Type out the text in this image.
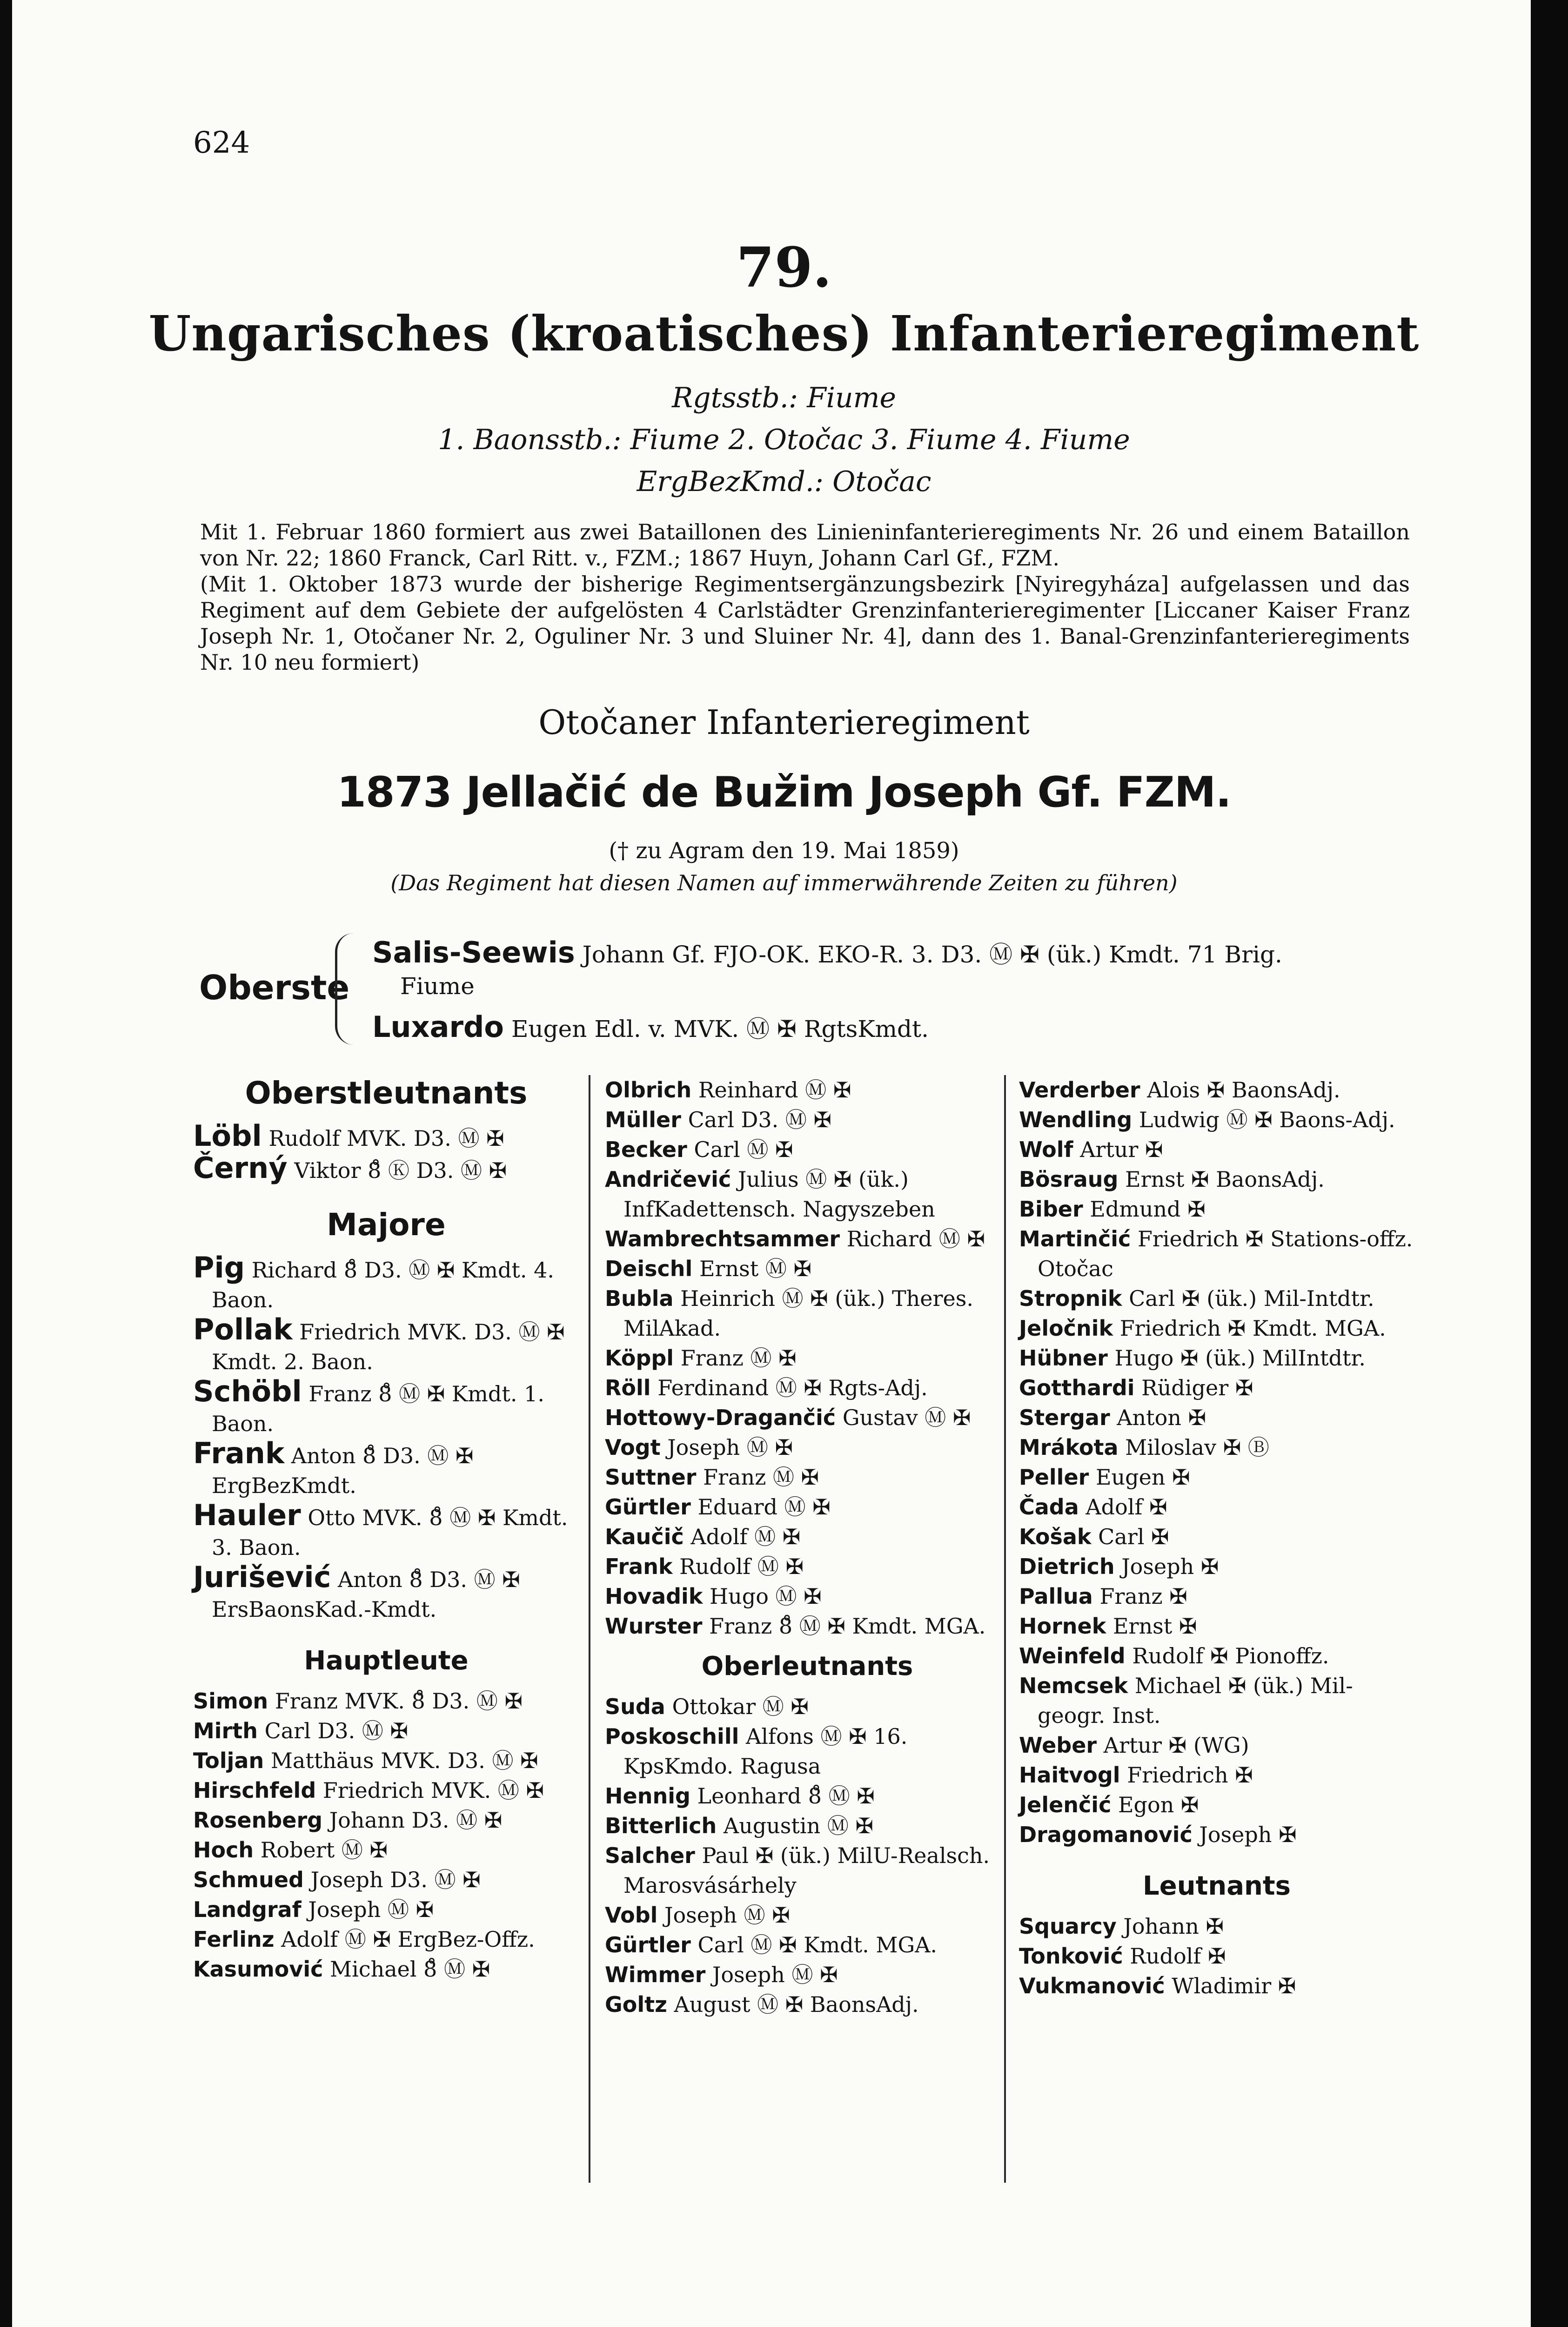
624
79.
Ungarisches (kroatisches) Infanterieregiment
Rgtsstb.: Fiume
1. Baonsstb.: Fiume 2. Otočac 3. Fiume 4. Fiume
ErgBezKmd.: Otočac

Mit 1. Februar 1860 formiert aus zwei Bataillonen des Linieninfanterieregiments Nr. 26 und einem Bataillon von Nr. 22; 1860 Franck, Carl Ritt. v., FZM.; 1867 Huyn, Johann Carl Gf., FZM.

(Mit 1. Oktober 1873 wurde der bisherige Regimentsergänzungsbezirk [Nyiregyháza] aufgelassen und das Regiment auf dem Gebiete der aufgelösten 4 Carlstädter Grenzinfanterieregimenter [Liccaner Kaiser Franz Joseph Nr. 1, Otočaner Nr. 2, Oguliner Nr. 3 und Sluiner Nr. 4], dann des 1. Banal-Grenzinfanterieregiments Nr. 10 neu formiert)

Otočaner Infanterieregiment
1873 Jellačić de Bužim Joseph Gf. FZM.
(† zu Agram den 19. Mai 1859)
(Das Regiment hat diesen Namen auf immerwährende Zeiten zu führen)
Oberste
Salis-Seewis Johann Gf. FJO-OK. EKO-R. 3. D3. Ⓜ ✠ (ük.) Kmdt. 71 Brig.
Fiume
Luxardo Eugen Edl. v. MVK. Ⓜ ✠ RgtsKmdt.
Oberstleutnants

Löbl Rudolf MVK. D3. Ⓜ ✠

Černý Viktor 8̊ Ⓚ D3. Ⓜ ✠

Majore

Pig Richard 8̊ D3. Ⓜ ✠ Kmdt. 4. Baon.

Pollak Friedrich MVK. D3. Ⓜ ✠ Kmdt. 2. Baon.

Schöbl Franz 8̊ Ⓜ ✠ Kmdt. 1. Baon.

Frank Anton 8̊ D3. Ⓜ ✠ ErgBezKmdt.

Hauler Otto MVK. 8̊ Ⓜ ✠ Kmdt. 3. Baon.

Jurišević Anton 8̊ D3. Ⓜ ✠ ErsBaonsKad.-Kmdt.

Hauptleute

Simon Franz MVK. 8̊ D3. Ⓜ ✠

Mirth Carl D3. Ⓜ ✠

Toljan Matthäus MVK. D3. Ⓜ ✠

Hirschfeld Friedrich MVK. Ⓜ ✠

Rosenberg Johann D3. Ⓜ ✠

Hoch Robert Ⓜ ✠

Schmued Joseph D3. Ⓜ ✠

Landgraf Joseph Ⓜ ✠

Ferlinz Adolf Ⓜ ✠ ErgBez-Offz.

Kasumović Michael 8̊ Ⓜ ✠

Olbrich Reinhard Ⓜ ✠

Müller Carl D3. Ⓜ ✠

Becker Carl Ⓜ ✠

Andričević Julius Ⓜ ✠ (ük.) InfKadettensch. Nagyszeben

Wambrechtsammer Richard Ⓜ ✠

Deischl Ernst Ⓜ ✠

Bubla Heinrich Ⓜ ✠ (ük.) Theres. MilAkad.

Köppl Franz Ⓜ ✠

Röll Ferdinand Ⓜ ✠ Rgts-Adj.

Hottowy-Dragančić Gustav Ⓜ ✠

Vogt Joseph Ⓜ ✠

Suttner Franz Ⓜ ✠

Gürtler Eduard Ⓜ ✠

Kaučič Adolf Ⓜ ✠

Frank Rudolf Ⓜ ✠

Hovadik Hugo Ⓜ ✠

Wurster Franz 8̊ Ⓜ ✠ Kmdt. MGA.

Oberleutnants

Suda Ottokar Ⓜ ✠

Poskoschill Alfons Ⓜ ✠ 16. KpsKmdo. Ragusa

Hennig Leonhard 8̊ Ⓜ ✠

Bitterlich Augustin Ⓜ ✠

Salcher Paul ✠ (ük.) MilU-Realsch. Marosvásárhely

Vobl Joseph Ⓜ ✠

Gürtler Carl Ⓜ ✠ Kmdt. MGA.

Wimmer Joseph Ⓜ ✠

Goltz August Ⓜ ✠ BaonsAdj.

Verderber Alois ✠ BaonsAdj.

Wendling Ludwig Ⓜ ✠ Baons-Adj.

Wolf Artur ✠

Bösraug Ernst ✠ BaonsAdj.

Biber Edmund ✠

Martinčić Friedrich ✠ Stations-offz. Otočac

Stropnik Carl ✠ (ük.) Mil-Intdtr.

Jeločnik Friedrich ✠ Kmdt. MGA.

Hübner Hugo ✠ (ük.) MilIntdtr.

Gotthardi Rüdiger ✠

Stergar Anton ✠

Mrákota Miloslav ✠ Ⓑ

Peller Eugen ✠

Čada Adolf ✠

Košak Carl ✠

Dietrich Joseph ✠

Pallua Franz ✠

Hornek Ernst ✠

Weinfeld Rudolf ✠ Pionoffz.

Nemcsek Michael ✠ (ük.) Mil-geogr. Inst.

Weber Artur ✠ (WG)

Haitvogl Friedrich ✠

Jelenčić Egon ✠

Dragomanović Joseph ✠

Leutnants

Squarcy Johann ✠

Tonković Rudolf ✠

Vukmanović Wladimir ✠
